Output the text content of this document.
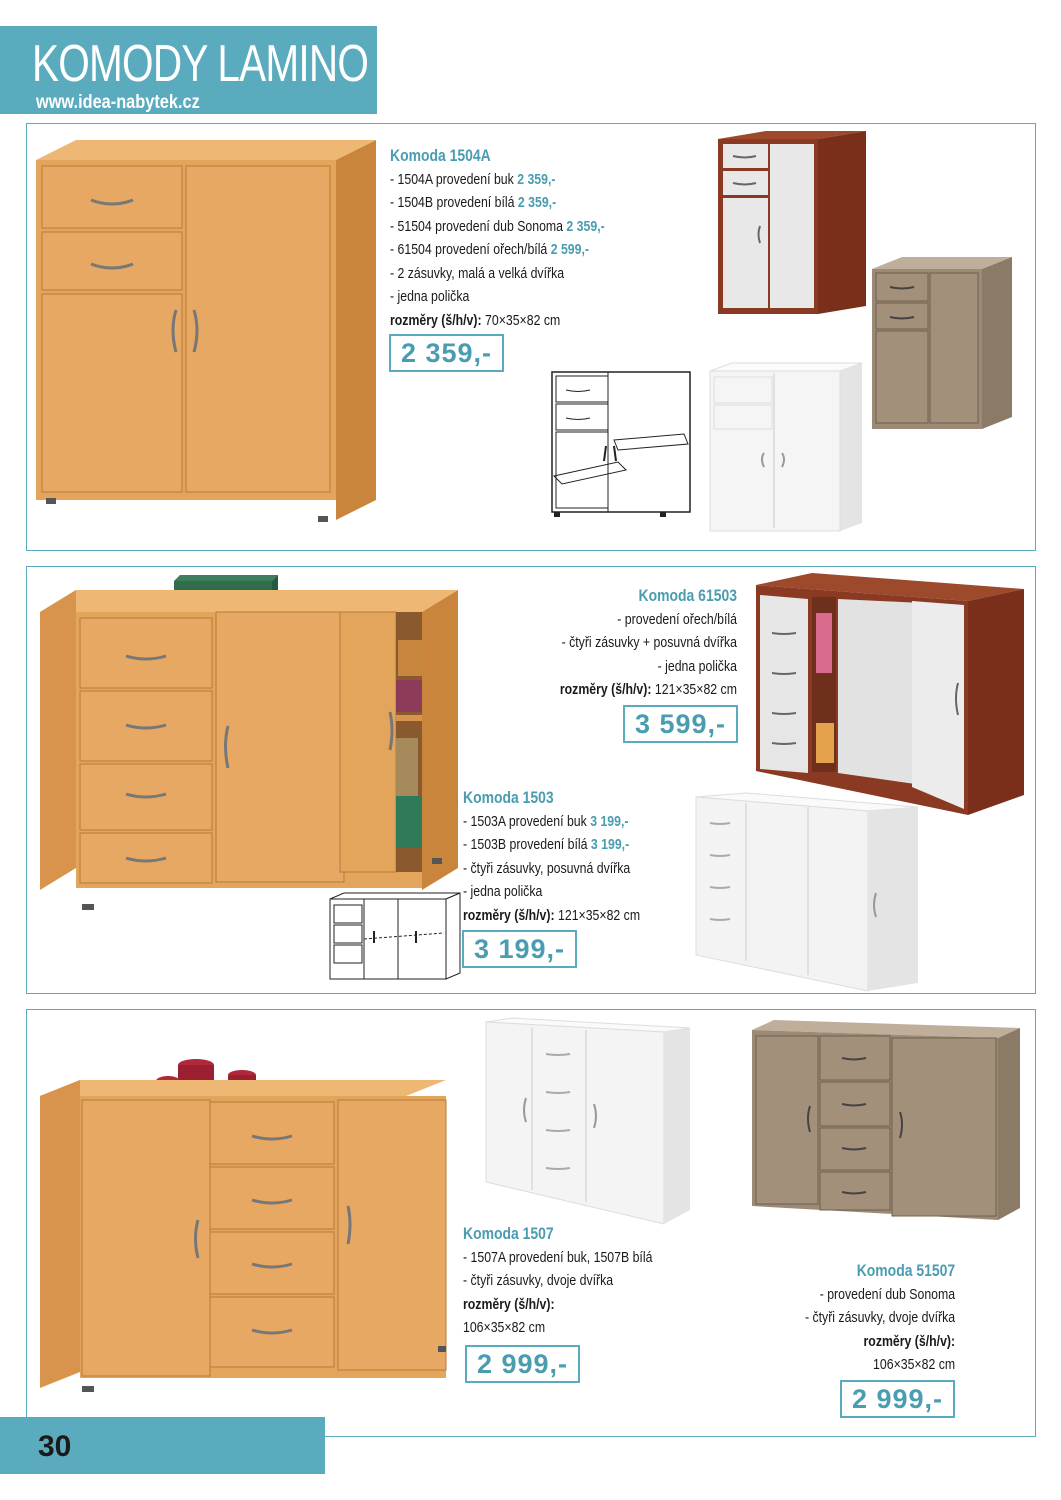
KOMODY LAMINO
www.idea-nabytek.cz
Komoda 1504A
- 1504A provedení buk 2 359,-
- 1504B provedení bílá 2 359,-
- 51504 provedení dub Sonoma 2 359,-
- 61504 provedení ořech/bílá 2 599,-
- 2 zásuvky, malá a velká dvířka
- jedna polička
rozměry (š/h/v): 70×35×82 cm
2 359,-
Komoda 61503
- provedení ořech/bílá
- čtyři zásuvky + posuvná dvířka
- jedna polička
rozměry (š/h/v): 121×35×82 cm
3 599,-
Komoda 1503
- 1503A provedení buk 3 199,-
- 1503B provedení bílá 3 199,-
- čtyři zásuvky, posuvná dvířka
- jedna polička
rozměry (š/h/v): 121×35×82 cm
3 199,-
Komoda 1507
- 1507A provedení buk, 1507B bílá
- čtyři zásuvky, dvoje dvířka
rozměry (š/h/v):
106×35×82 cm
2 999,-
Komoda 51507
- provedení dub Sonoma
- čtyři zásuvky, dvoje dvířka
rozměry (š/h/v):
106×35×82 cm
2 999,-
30
